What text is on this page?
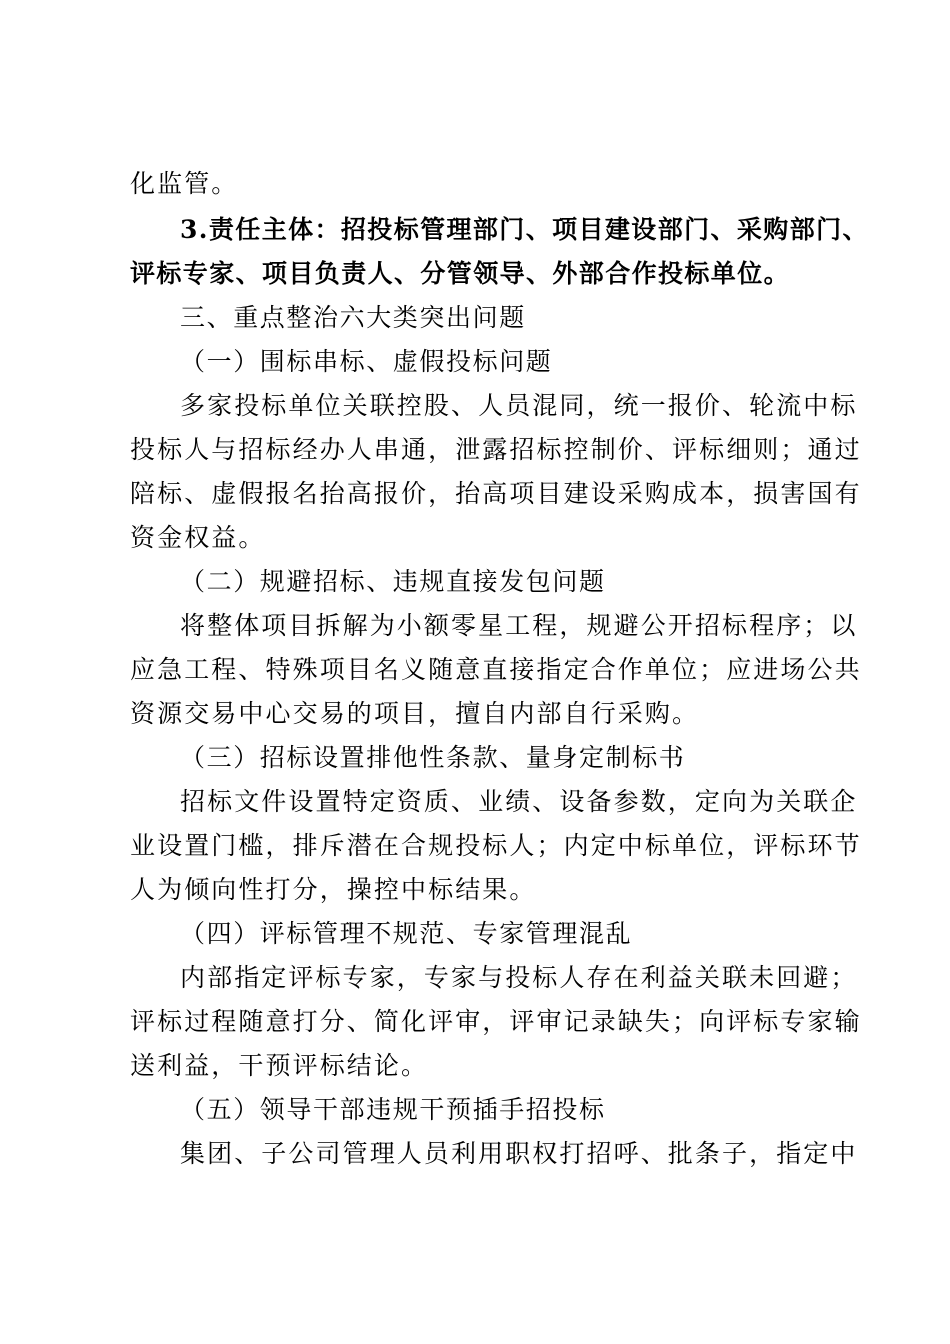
化监管。
3.责任主体：招投标管理部门、项目建设部门、采购部门、
评标专家、项目负责人、分管领导、外部合作投标单位。
三、重点整治六大类突出问题
（一）围标串标、虚假投标问题
多家投标单位关联控股、人员混同，统一报价、轮流中标
投标人与招标经办人串通，泄露招标控制价、评标细则；通过
陪标、虚假报名抬高报价，抬高项目建设采购成本，损害国有
资金权益。
（二）规避招标、违规直接发包问题
将整体项目拆解为小额零星工程，规避公开招标程序；以
应急工程、特殊项目名义随意直接指定合作单位；应进场公共
资源交易中心交易的项目，擅自内部自行采购。
（三）招标设置排他性条款、量身定制标书
招标文件设置特定资质、业绩、设备参数，定向为关联企
业设置门槛，排斥潜在合规投标人；内定中标单位，评标环节
人为倾向性打分，操控中标结果。
（四）评标管理不规范、专家管理混乱
内部指定评标专家，专家与投标人存在利益关联未回避；
评标过程随意打分、简化评审，评审记录缺失；向评标专家输
送利益，干预评标结论。
（五）领导干部违规干预插手招投标
集团、子公司管理人员利用职权打招呼、批条子，指定中
